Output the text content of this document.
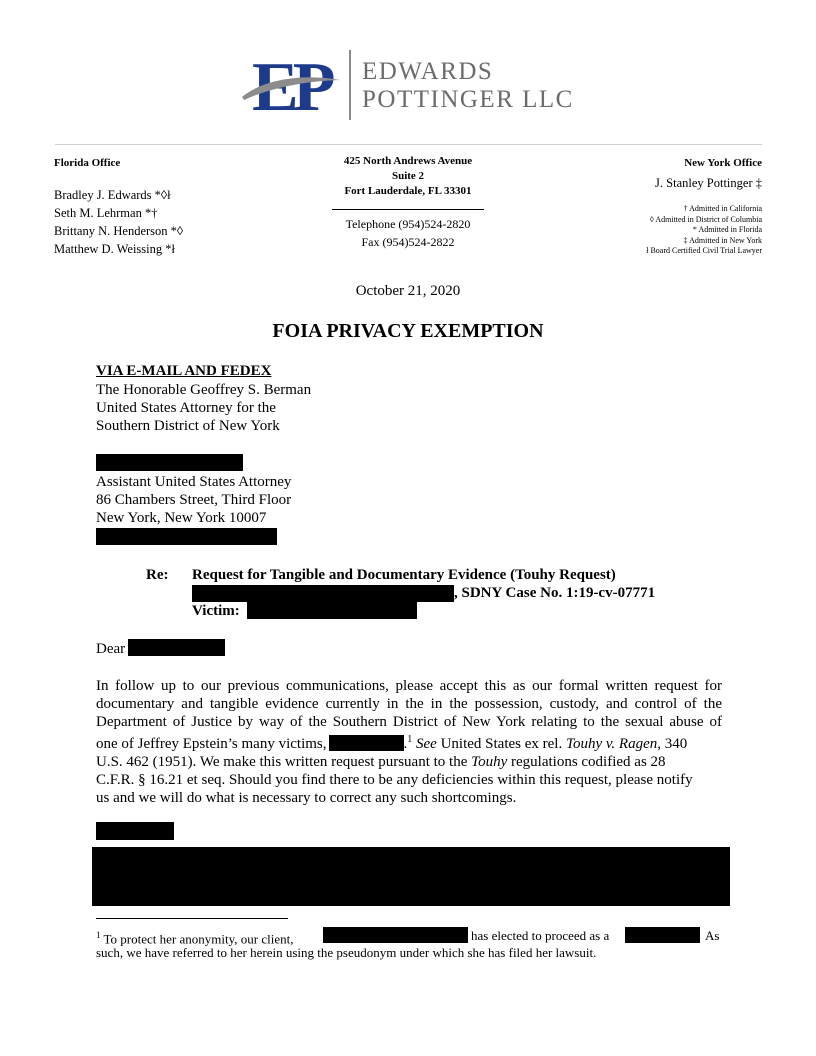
EP EDWARDS
POTTINGER LLC
Florida Office
Bradley J. Edwards *◊ł
Seth M. Lehrman *†
Brittany N. Henderson *◊
Matthew D. Weissing *ł
425 North Andrews Avenue
Suite 2
Fort Lauderdale, FL 33301
Telephone (954)524-2820
Fax (954)524-2822
New York Office
J. Stanley Pottinger ‡
† Admitted in California
◊ Admitted in District of Columbia
* Admitted in Florida
‡ Admitted in New York
ł Board Certified Civil Trial Lawyer
October 21, 2020
FOIA PRIVACY EXEMPTION
VIA E-MAIL AND FEDEX
The Honorable Geoffrey S. Berman
United States Attorney for the
Southern District of New York
Assistant United States Attorney
86 Chambers Street, Third Floor
New York, New York 10007
Re: Request for Tangible and Documentary Evidence (Touhy Request)
, SDNY Case No. 1:19-cv-07771
Victim:
Dear
In follow up to our previous communications, please accept this as our formal written request for
documentary and tangible evidence currently in the in the possession, custody, and control of the
Department of Justice by way of the Southern District of New York relating to the sexual abuse of
one of Jeffrey Epstein’s many victims,	.$^1$ See United States ex rel. Touhy v. Ragen, 340
U.S. 462 (1951). We make this written request pursuant to the Touhy regulations codified as 28
C.F.R. § 16.21 et seq. Should you find there to be any deficiencies within this request, please notify
us and we will do what is necessary to correct any such shortcomings.
$^1$ To protect her anonymity, our client,	has elected to proceed as a	As
such, we have referred to her herein using the pseudonym under which she has filed her lawsuit.
